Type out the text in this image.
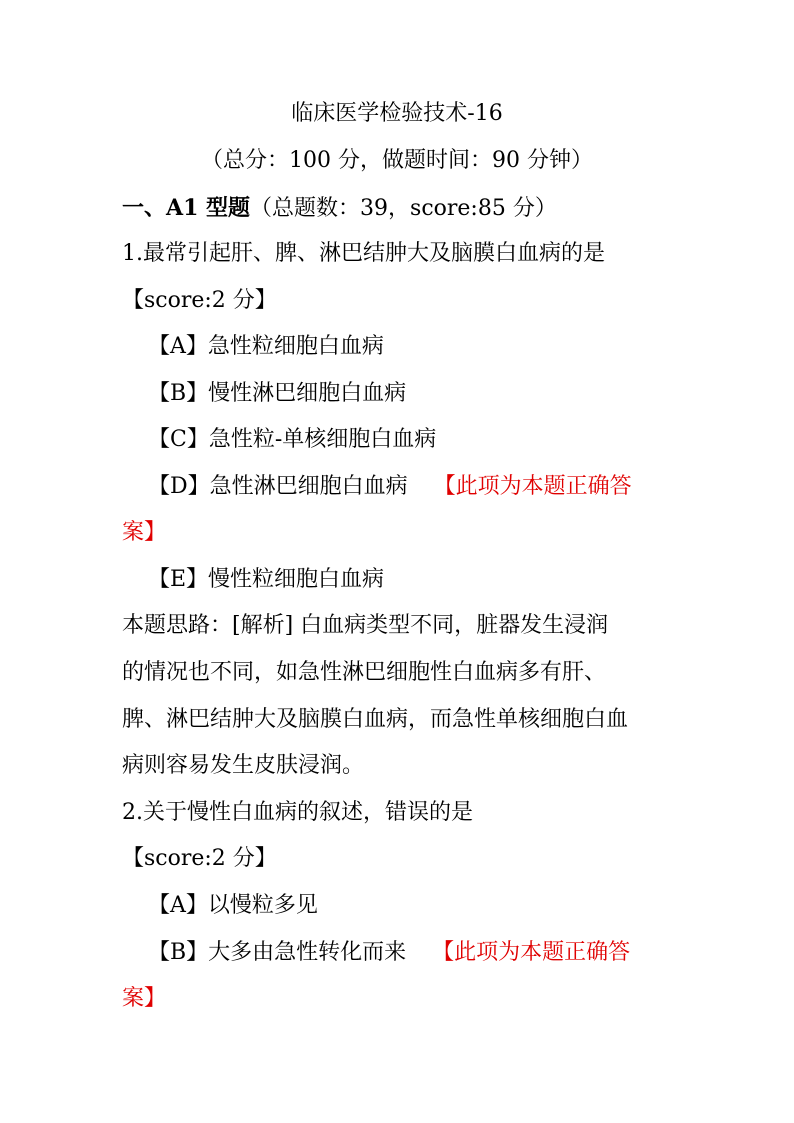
临床医学检验技术-16
（总分：100 分，做题时间：90 分钟）
一、A1 型题（总题数：39，score:85 分）
1.最常引起肝、脾、淋巴结肿大及脑膜白血病的是
【score:2 分】
【A】急性粒细胞白血病
【B】慢性淋巴细胞白血病
【C】急性粒-单核细胞白血病
【D】急性淋巴细胞白血病 【此项为本题正确答
案】
【E】慢性粒细胞白血病
本题思路：[解析] 白血病类型不同，脏器发生浸润
的情况也不同，如急性淋巴细胞性白血病多有肝、
脾、淋巴结肿大及脑膜白血病，而急性单核细胞白血
病则容易发生皮肤浸润。
2.关于慢性白血病的叙述，错误的是
【score:2 分】
【A】以慢粒多见
【B】大多由急性转化而来 【此项为本题正确答
案】
